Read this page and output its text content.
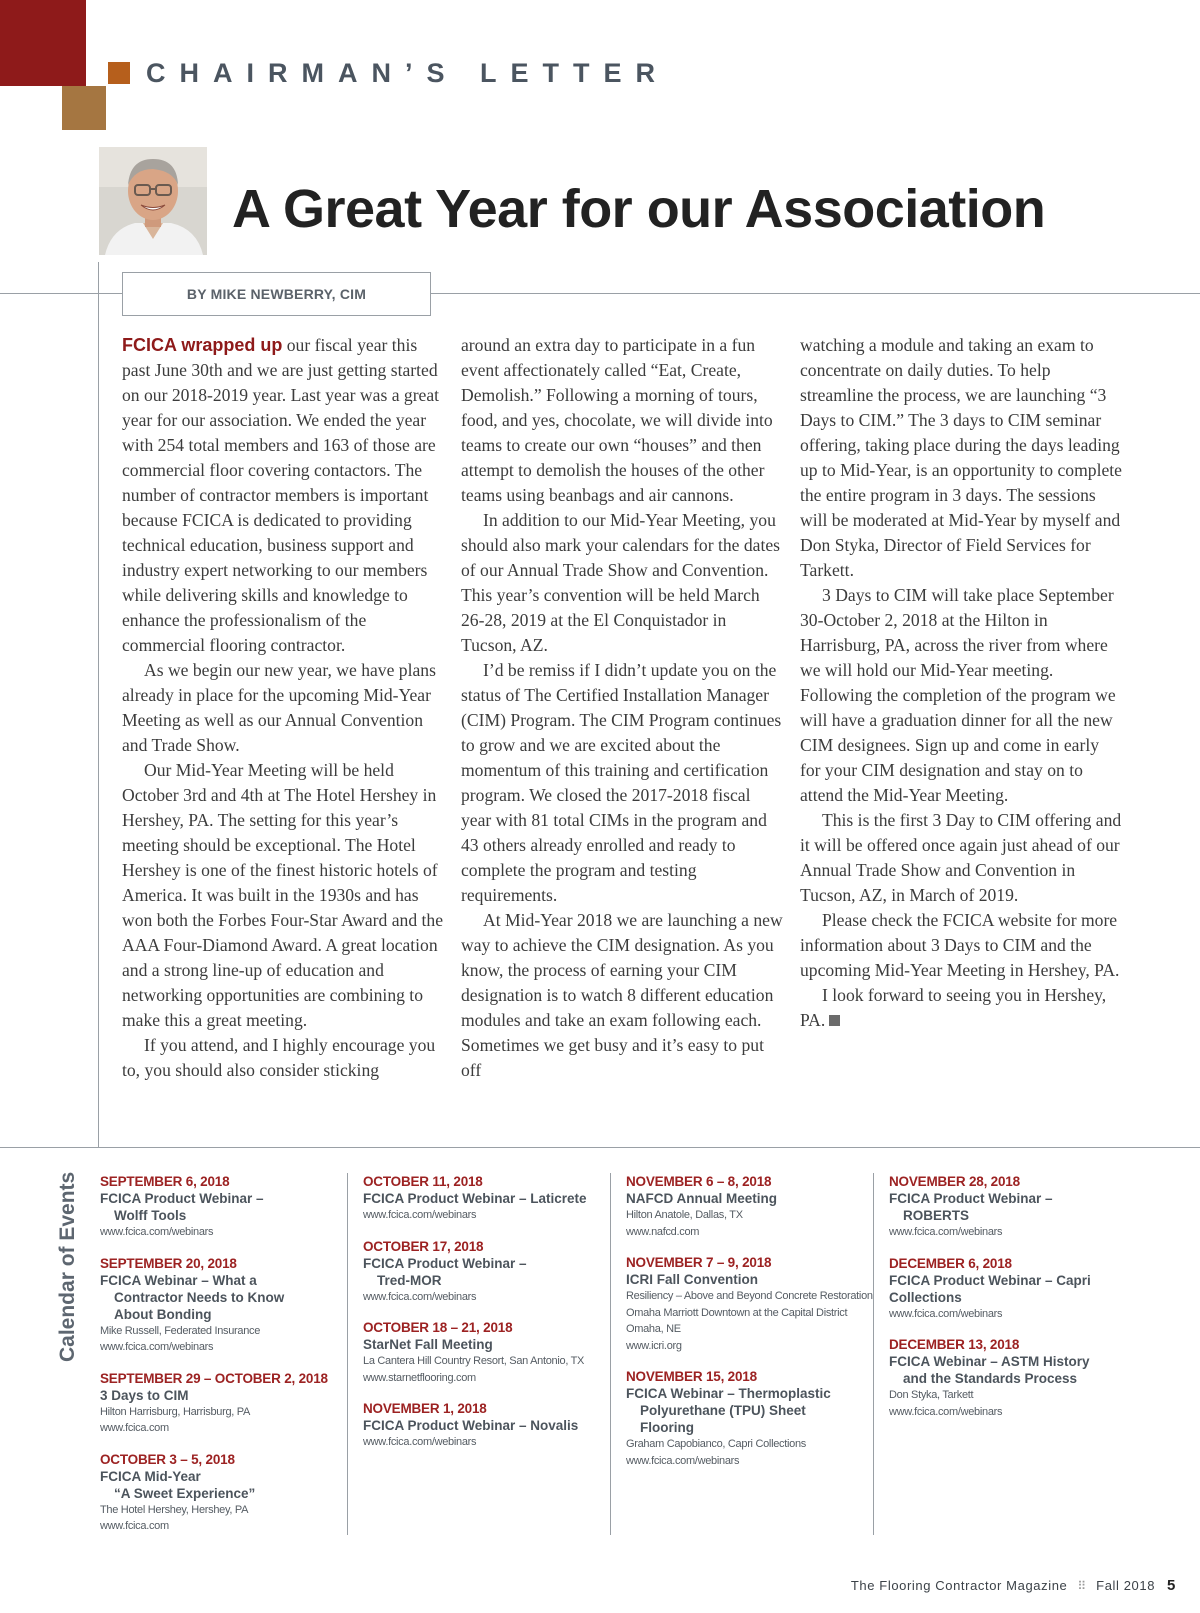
CHAIRMAN’S LETTER
A Great Year for our Association
BY MIKE NEWBERRY, CIM

FCICA wrapped up our fiscal year this past June 30th and we are just getting started on our 2018-2019 year. Last year was a great year for our association. We ended the year with 254 total members and 163 of those are commercial floor covering contactors. The number of contractor members is important because FCICA is dedicated to providing technical education, business support and industry expert networking to our members while delivering skills and knowledge to enhance the professionalism of the commercial flooring contractor.

As we begin our new year, we have plans already in place for the upcoming Mid-Year Meeting as well as our Annual Convention and Trade Show.

Our Mid-Year Meeting will be held October 3rd and 4th at The Hotel Hershey in Hershey, PA. The setting for this year’s meeting should be exceptional. The Hotel Hershey is one of the finest historic hotels of America. It was built in the 1930s and has won both the Forbes Four-Star Award and the AAA Four-Diamond Award. A great location and a strong line-up of education and networking opportunities are combining to make this a great meeting.

If you attend, and I highly encourage you to, you should also consider sticking

around an extra day to participate in a fun event affectionately called “Eat, Create, Demolish.” Following a morning of tours, food, and yes, chocolate, we will divide into teams to create our own “houses” and then attempt to demolish the houses of the other teams using beanbags and air cannons.

In addition to our Mid-Year Meeting, you should also mark your calendars for the dates of our Annual Trade Show and Convention. This year’s convention will be held March 26-28, 2019 at the El Conquistador in Tucson, AZ.

I’d be remiss if I didn’t update you on the status of The Certified Installation Manager (CIM) Program. The CIM Program continues to grow and we are excited about the momentum of this training and certification program. We closed the 2017-2018 fiscal year with 81 total CIMs in the program and 43 others already enrolled and ready to complete the program and testing requirements.

At Mid-Year 2018 we are launching a new way to achieve the CIM designation. As you know, the process of earning your CIM designation is to watch 8 different education modules and take an exam following each. Sometimes we get busy and it’s easy to put off

watching a module and taking an exam to concentrate on daily duties. To help streamline the process, we are launching “3 Days to CIM.” The 3 days to CIM seminar offering, taking place during the days leading up to Mid-Year, is an opportunity to complete the entire program in 3 days. The sessions will be moderated at Mid-Year by myself and Don Styka, Director of Field Services for Tarkett.

3 Days to CIM will take place September 30-October 2, 2018 at the Hilton in Harrisburg, PA, across the river from where we will hold our Mid-Year meeting. Following the completion of the program we will have a graduation dinner for all the new CIM designees. Sign up and come in early for your CIM designation and stay on to attend the Mid-Year Meeting.

This is the first 3 Day to CIM offering and it will be offered once again just ahead of our Annual Trade Show and Convention in Tucson, AZ, in March of 2019.

Please check the FCICA website for more information about 3 Days to CIM and the upcoming Mid-Year Meeting in Hershey, PA.

I look forward to seeing you in Hershey, PA.

Calendar of Events SEPTEMBER 6, 2018
FCICA Product Webinar –
Wolff Tools
www.fcica.com/webinars
SEPTEMBER 20, 2018
FCICA Webinar – What a
Contractor Needs to Know
About Bonding
Mike Russell, Federated Insurance
www.fcica.com/webinars
SEPTEMBER 29 – OCTOBER 2, 2018
3 Days to CIM
Hilton Harrisburg, Harrisburg, PA
www.fcica.com
OCTOBER 3 – 5, 2018
FCICA Mid-Year
“A Sweet Experience”
The Hotel Hershey, Hershey, PA
www.fcica.com
OCTOBER 11, 2018
FCICA Product Webinar – Laticrete
www.fcica.com/webinars
OCTOBER 17, 2018
FCICA Product Webinar –
Tred-MOR
www.fcica.com/webinars
OCTOBER 18 – 21, 2018
StarNet Fall Meeting
La Cantera Hill Country Resort, San Antonio, TX
www.starnetflooring.com
NOVEMBER 1, 2018
FCICA Product Webinar – Novalis
www.fcica.com/webinars
NOVEMBER 6 – 8, 2018
NAFCD Annual Meeting
Hilton Anatole, Dallas, TX
www.nafcd.com
NOVEMBER 7 – 9, 2018
ICRI Fall Convention
Resiliency – Above and Beyond Concrete Restoration
Omaha Marriott Downtown at the Capital District
Omaha, NE
www.icri.org
NOVEMBER 15, 2018
FCICA Webinar – Thermoplastic
Polyurethane (TPU) Sheet
Flooring
Graham Capobianco, Capri Collections
www.fcica.com/webinars
NOVEMBER 28, 2018
FCICA Product Webinar –
ROBERTS
www.fcica.com/webinars
DECEMBER 6, 2018
FCICA Product Webinar – Capri
Collections
www.fcica.com/webinars
DECEMBER 13, 2018
FCICA Webinar – ASTM History
and the Standards Process
Don Styka, Tarkett
www.fcica.com/webinars
The Flooring Contractor Magazine ⠿ Fall 2018 5
